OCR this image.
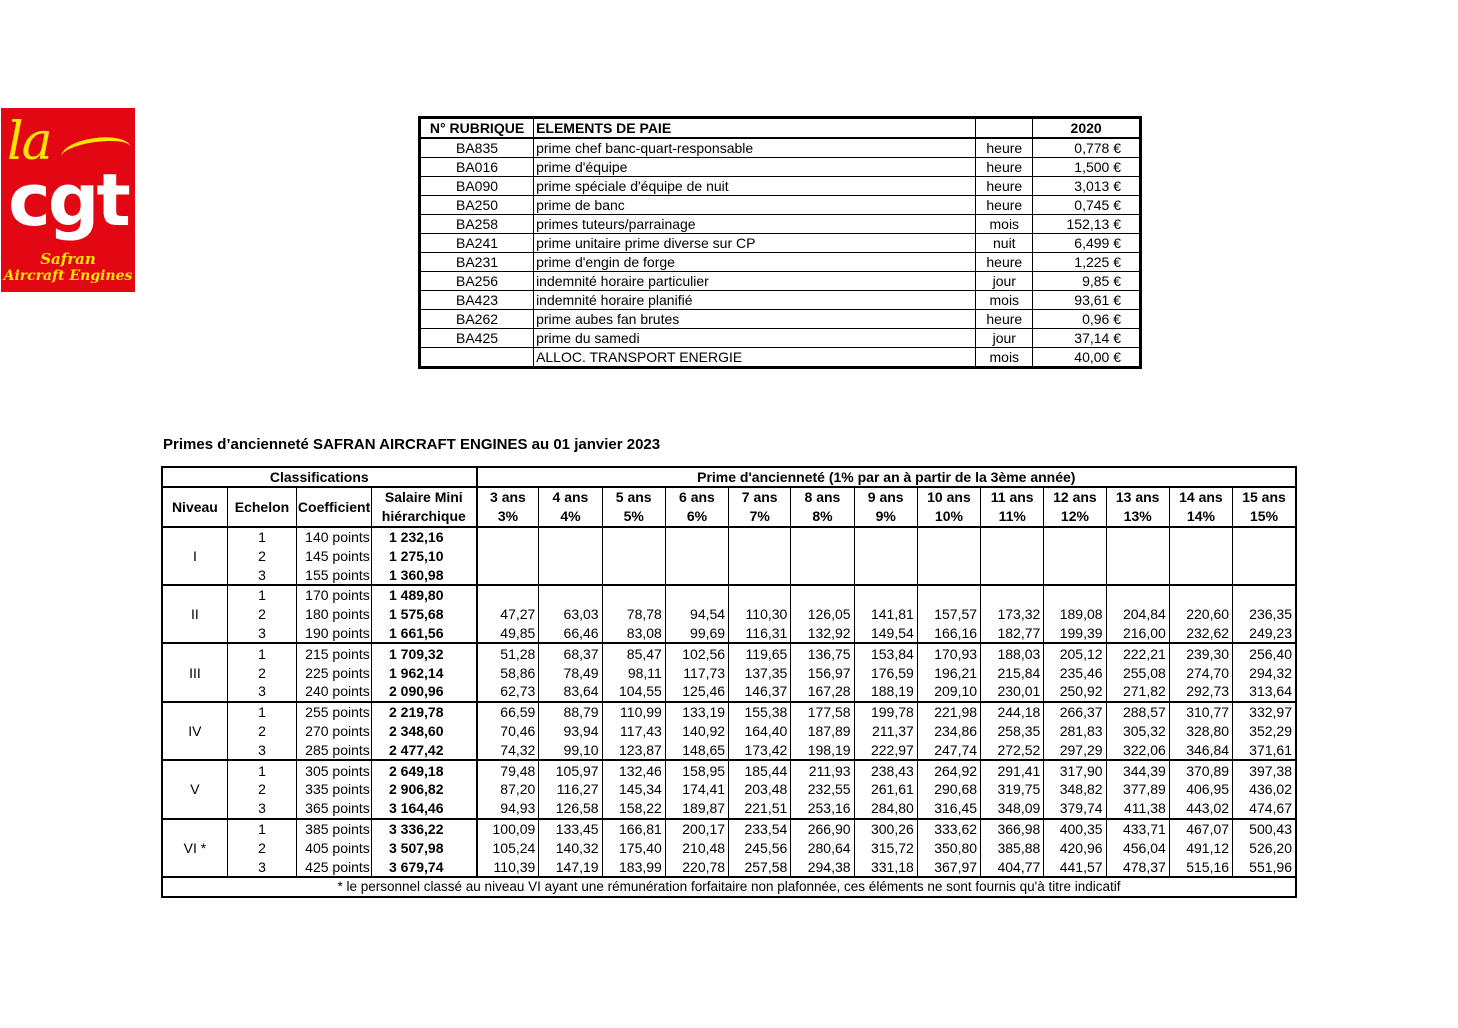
la
cgt
Safran
Aircraft Engines
N° RUBRIQUE	ELEMENTS DE PAIE		2020
BA835	prime chef banc-quart-responsable	heure	0,778 €
BA016	prime d'équipe	heure	1,500 €
BA090	prime spéciale d'équipe de nuit	heure	3,013 €
BA250	prime de banc	heure	0,745 €
BA258	primes tuteurs/parrainage	mois	152,13 €
BA241	prime unitaire prime diverse sur CP	nuit	6,499 €
BA231	prime d'engin de forge	heure	1,225 €
BA256	indemnité horaire particulier	jour	9,85 €
BA423	indemnité horaire planifié	mois	93,61 €
BA262	prime aubes fan brutes	heure	0,96 €
BA425	prime du samedi	jour	37,14 €
	ALLOC. TRANSPORT ENERGIE	mois	40,00 €
Primes d’ancienneté SAFRAN AIRCRAFT ENGINES au 01 janvier 2023
Classifications				Prime d'ancienneté (1% par an à partir de la 3ème année)												
Niveau	Echelon	Coefficient	Salaire Mini	3 ans	4 ans	5 ans	6 ans	7 ans	8 ans	9 ans	10 ans	11 ans	12 ans	13 ans	14 ans	15 ans
			hiérarchique	3%	4%	5%	6%	7%	8%	9%	10%	11%	12%	13%	14%	15%
I	1	140 points	1 232,16													
	2	145 points	1 275,10													
	3	155 points	1 360,98													
II	1	170 points	1 489,80													
	2	180 points	1 575,68	47,27	63,03	78,78	94,54	110,30	126,05	141,81	157,57	173,32	189,08	204,84	220,60	236,35
	3	190 points	1 661,56	49,85	66,46	83,08	99,69	116,31	132,92	149,54	166,16	182,77	199,39	216,00	232,62	249,23
III	1	215 points	1 709,32	51,28	68,37	85,47	102,56	119,65	136,75	153,84	170,93	188,03	205,12	222,21	239,30	256,40
	2	225 points	1 962,14	58,86	78,49	98,11	117,73	137,35	156,97	176,59	196,21	215,84	235,46	255,08	274,70	294,32
	3	240 points	2 090,96	62,73	83,64	104,55	125,46	146,37	167,28	188,19	209,10	230,01	250,92	271,82	292,73	313,64
IV	1	255 points	2 219,78	66,59	88,79	110,99	133,19	155,38	177,58	199,78	221,98	244,18	266,37	288,57	310,77	332,97
	2	270 points	2 348,60	70,46	93,94	117,43	140,92	164,40	187,89	211,37	234,86	258,35	281,83	305,32	328,80	352,29
	3	285 points	2 477,42	74,32	99,10	123,87	148,65	173,42	198,19	222,97	247,74	272,52	297,29	322,06	346,84	371,61
V	1	305 points	2 649,18	79,48	105,97	132,46	158,95	185,44	211,93	238,43	264,92	291,41	317,90	344,39	370,89	397,38
	2	335 points	2 906,82	87,20	116,27	145,34	174,41	203,48	232,55	261,61	290,68	319,75	348,82	377,89	406,95	436,02
	3	365 points	3 164,46	94,93	126,58	158,22	189,87	221,51	253,16	284,80	316,45	348,09	379,74	411,38	443,02	474,67
VI *	1	385 points	3 336,22	100,09	133,45	166,81	200,17	233,54	266,90	300,26	333,62	366,98	400,35	433,71	467,07	500,43
	2	405 points	3 507,98	105,24	140,32	175,40	210,48	245,56	280,64	315,72	350,80	385,88	420,96	456,04	491,12	526,20
	3	425 points	3 679,74	110,39	147,19	183,99	220,78	257,58	294,38	331,18	367,97	404,77	441,57	478,37	515,16	551,96
* le personnel classé au niveau VI ayant une rémunération forfaitaire non plafonnée, ces éléments ne sont fournis qu'à titre indicatif																
